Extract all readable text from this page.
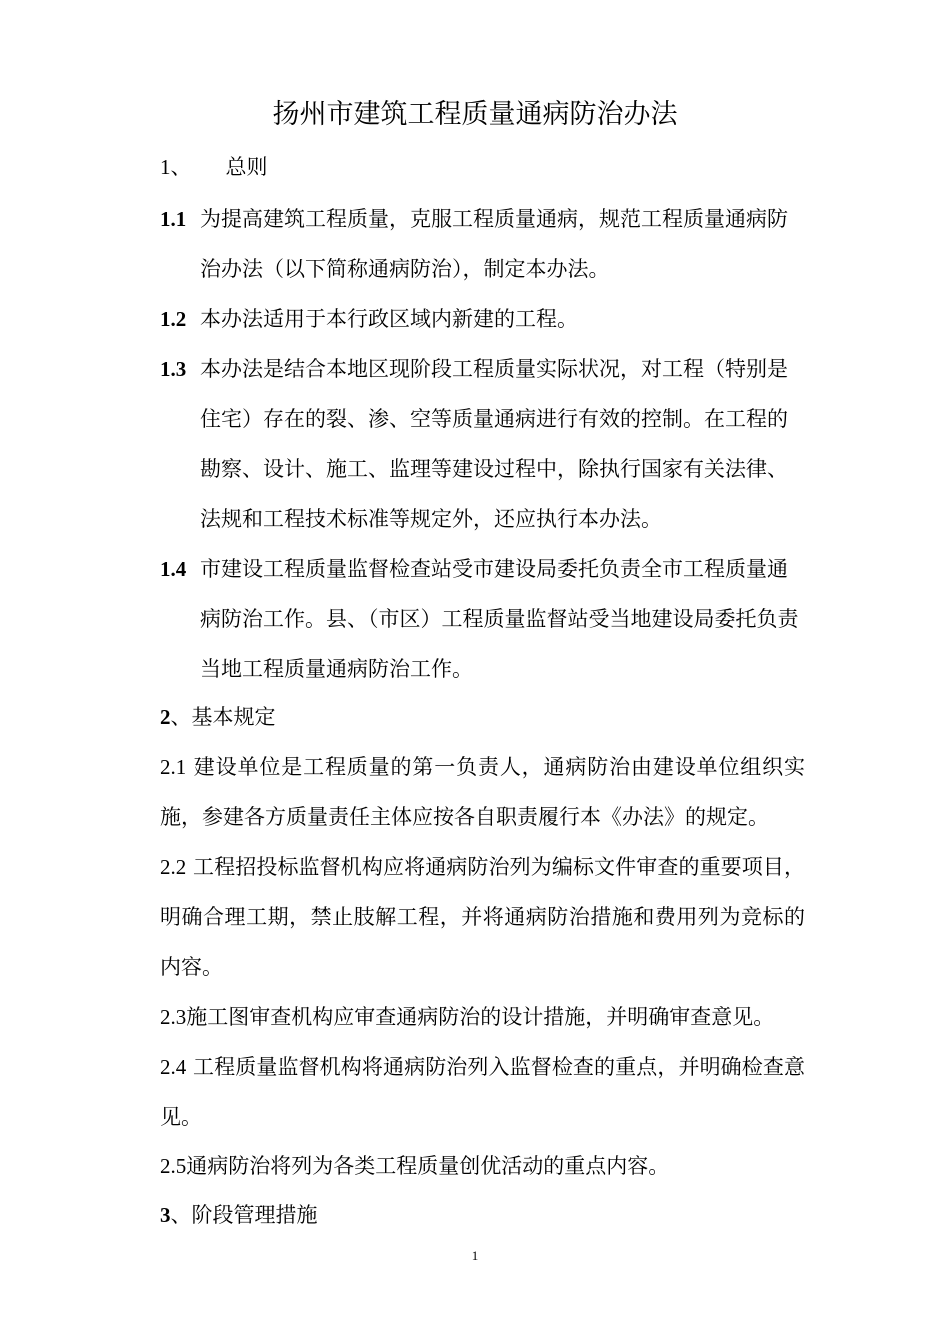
扬州市建筑工程质量通病防治办法
1、 总则
1.1 为提高建筑工程质量，克服工程质量通病，规范工程质量通病防治办法（以下简称通病防治），制定本办法。
1.2 本办法适用于本行政区域内新建的工程。
1.3 本办法是结合本地区现阶段工程质量实际状况，对工程（特别是住宅）存在的裂、渗、空等质量通病进行有效的控制。在工程的勘察、设计、施工、监理等建设过程中，除执行国家有关法律、法规和工程技术标准等规定外，还应执行本办法。
1.4 市建设工程质量监督检查站受市建设局委托负责全市工程质量通病防治工作。县、（市区）工程质量监督站受当地建设局委托负责当地工程质量通病防治工作。
2、基本规定
2.1 建设单位是工程质量的第一负责人，通病防治由建设单位组织实施，参建各方质量责任主体应按各自职责履行本《办法》的规定。
2.2 工程招投标监督机构应将通病防治列为编标文件审查的重要项目，明确合理工期，禁止肢解工程，并将通病防治措施和费用列为竞标的内容。
2.3施工图审查机构应审查通病防治的设计措施，并明确审查意见。
2.4 工程质量监督机构将通病防治列入监督检查的重点，并明确检查意见。
2.5通病防治将列为各类工程质量创优活动的重点内容。
3、阶段管理措施
1
